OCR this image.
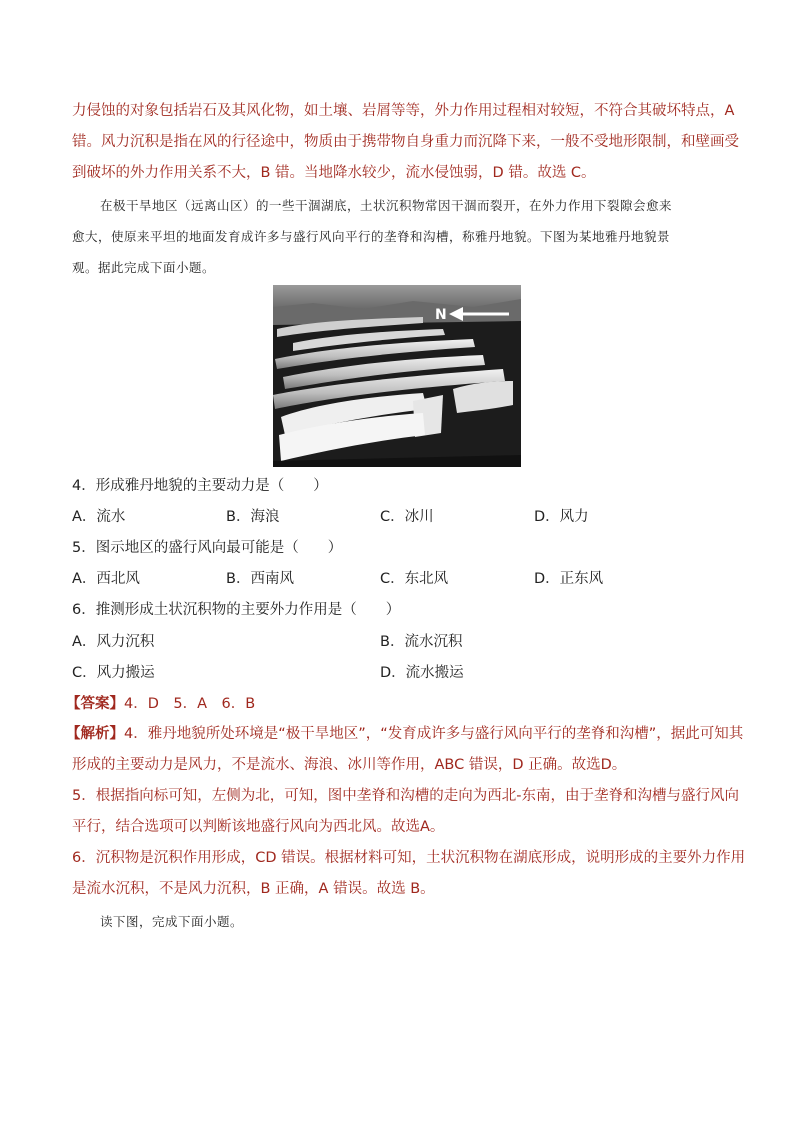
力侵蚀的对象包括岩石及其风化物，如土壤、岩屑等等，外力作用过程相对较短，不符合其破坏特点，A
错。风力沉积是指在风的行径途中，物质由于携带物自身重力而沉降下来，一般不受地形限制，和壁画受
到破坏的外力作用关系不大，B 错。当地降水较少，流水侵蚀弱，D 错。故选 C。
在极干旱地区（远离山区）的一些干涸湖底，土状沉积物常因干涸而裂开，在外力作用下裂隙会愈来
愈大，使原来平坦的地面发育成许多与盛行风向平行的垄脊和沟槽，称雅丹地貌。下图为某地雅丹地貌景
观。据此完成下面小题。
N
4．形成雅丹地貌的主要动力是（　　）
A．流水	B．海浪	C．冰川	D．风力
5．图示地区的盛行风向最可能是（　　）
A．西北风	B．西南风	C．东北风	D．正东风
6．推测形成土状沉积物的主要外力作用是（　　）
A．风力沉积	B．流水沉积
C．风力搬运	D．流水搬运
【答案】4．D　5．A　6．B
【解析】4．雅丹地貌所处环境是“极干旱地区”，“发育成许多与盛行风向平行的垄脊和沟槽”，据此可知其
形成的主要动力是风力，不是流水、海浪、冰川等作用，ABC 错误，D 正确。故选D。
5．根据指向标可知，左侧为北，可知，图中垄脊和沟槽的走向为西北-东南，由于垄脊和沟槽与盛行风向
平行，结合选项可以判断该地盛行风向为西北风。故选A。
6．沉积物是沉积作用形成，CD 错误。根据材料可知，土状沉积物在湖底形成，说明形成的主要外力作用
是流水沉积，不是风力沉积，B 正确，A 错误。故选 B。
读下图，完成下面小题。
